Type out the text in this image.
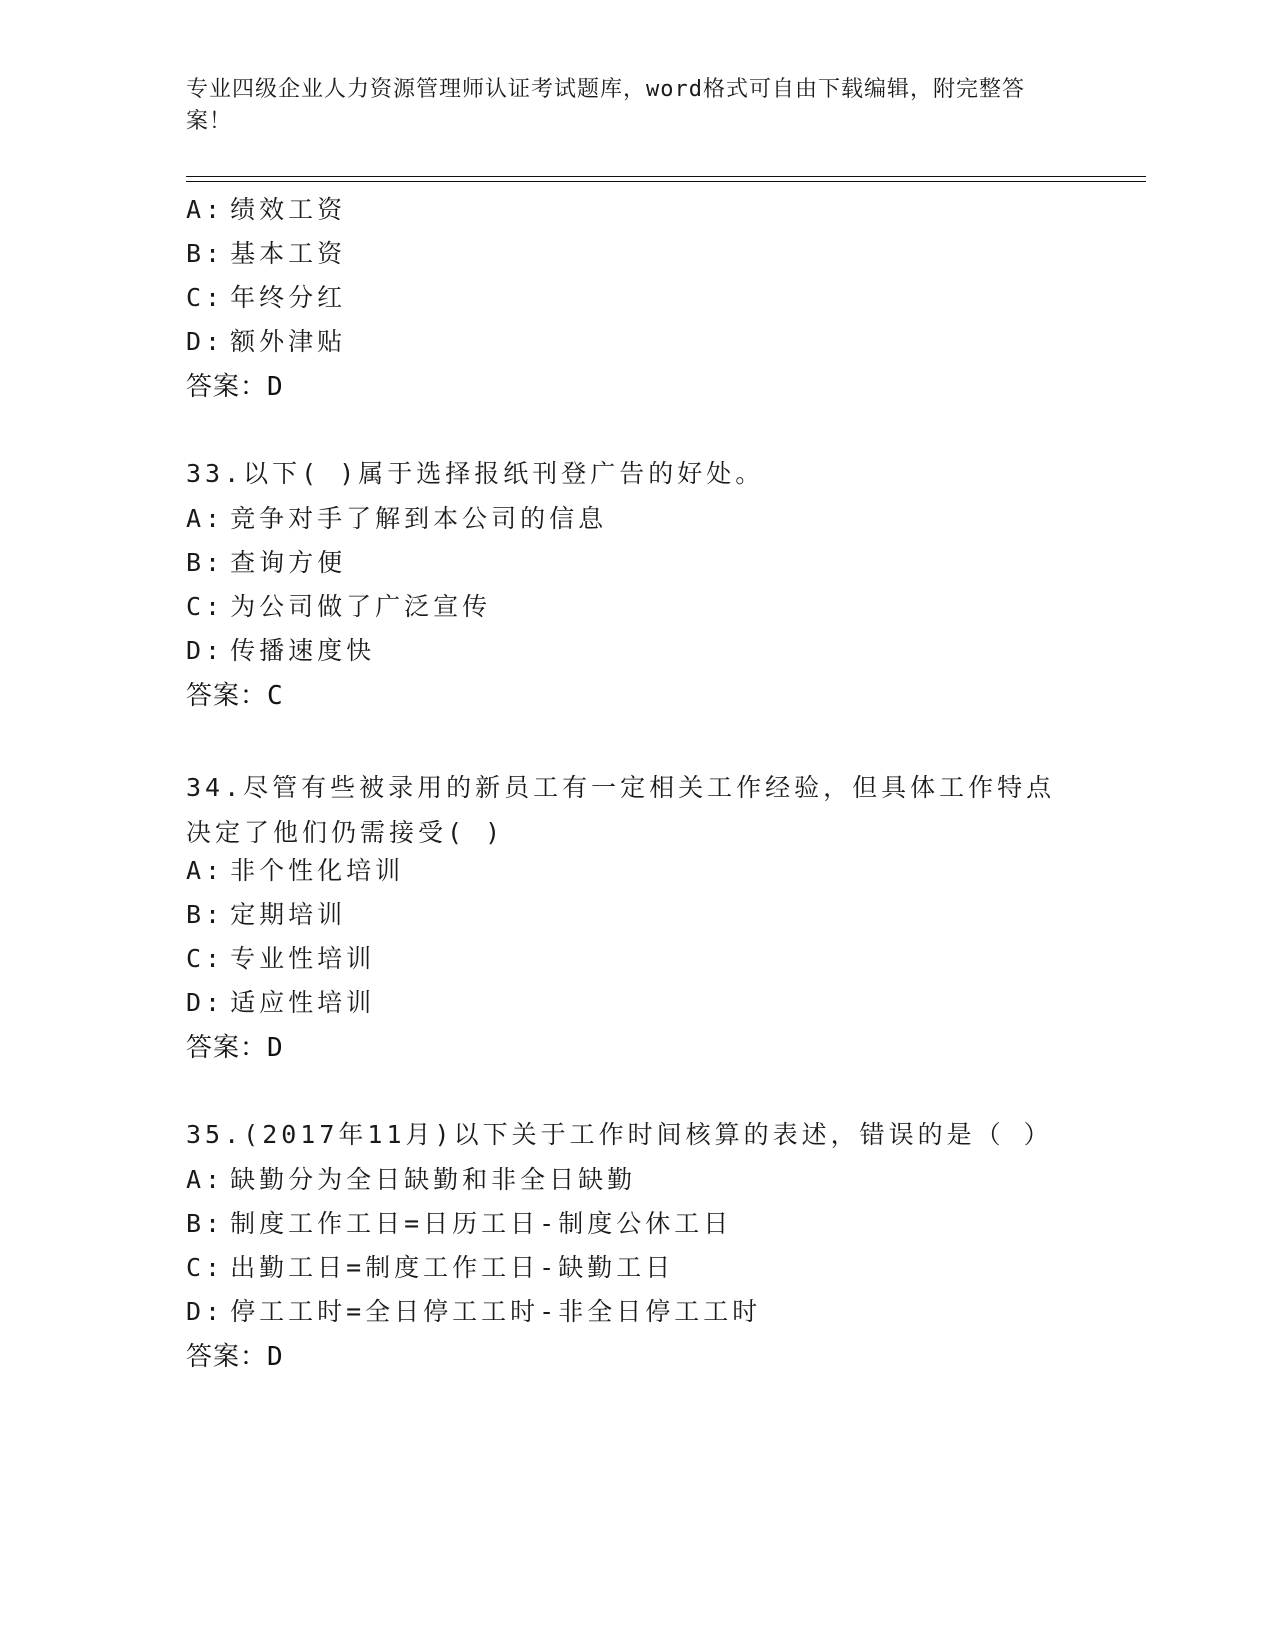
专业四级企业人力资源管理师认证考试题库，word格式可自由下载编辑，附完整答案！
A: 绩效工资
B: 基本工资
C: 年终分红
D: 额外津贴
答案：D
33.以下( )属于选择报纸刊登广告的好处。
A: 竞争对手了解到本公司的信息
B: 查询方便
C: 为公司做了广泛宣传
D: 传播速度快
答案：C
34.尽管有些被录用的新员工有一定相关工作经验，但具体工作特点决定了他们仍需接受( )
A: 非个性化培训
B: 定期培训
C: 专业性培训
D: 适应性培训
答案：D
35.(2017年11月)以下关于工作时间核算的表述，错误的是（ ）
A: 缺勤分为全日缺勤和非全日缺勤
B: 制度工作工日=日历工日-制度公休工日
C: 出勤工日=制度工作工日-缺勤工日
D: 停工工时=全日停工工时-非全日停工工时
答案：D
